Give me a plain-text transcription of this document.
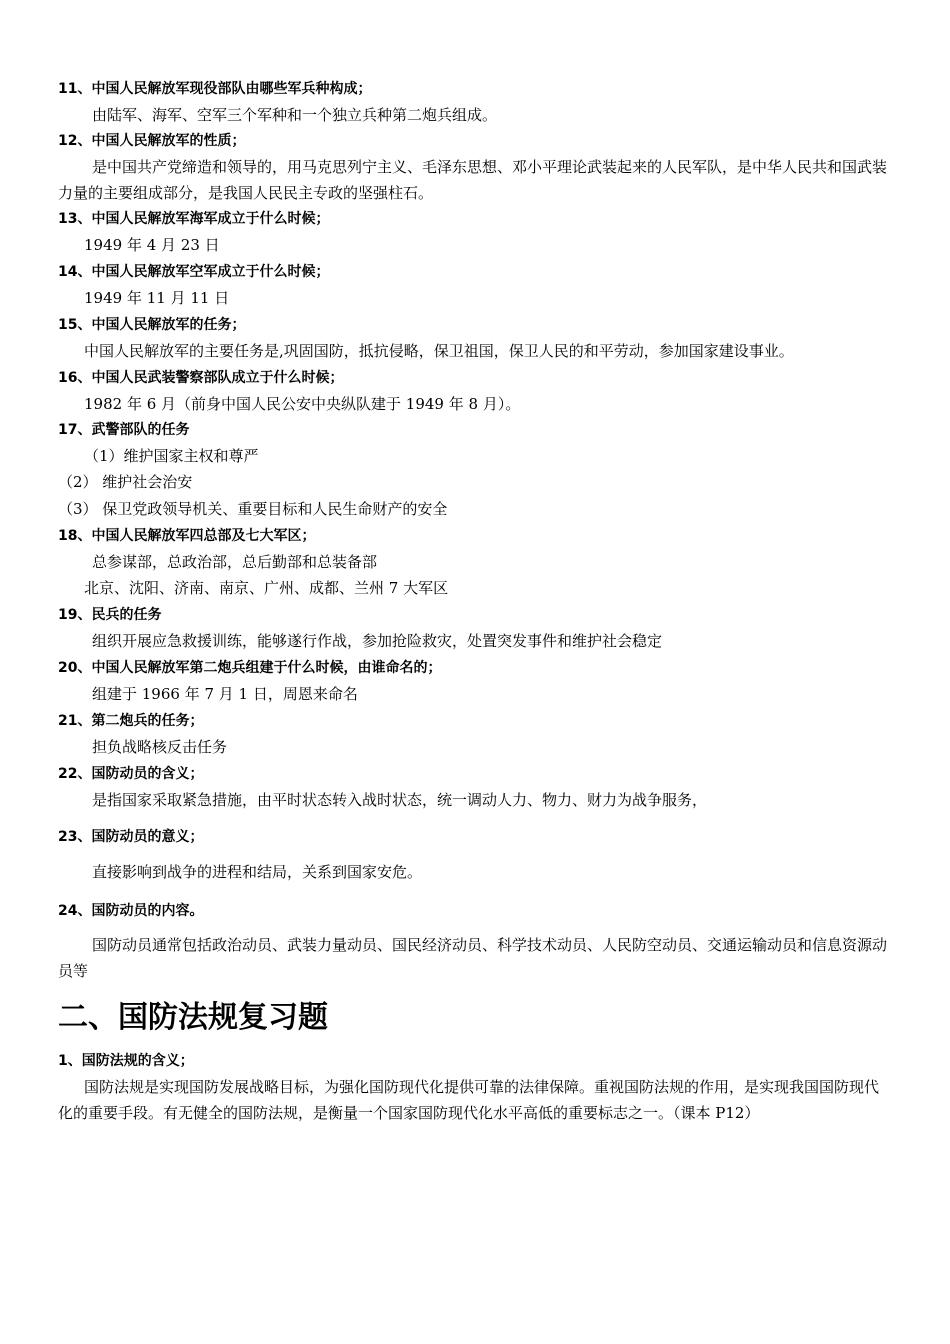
11、中国人民解放军现役部队由哪些军兵种构成；
由陆军、海军、空军三个军种和一个独立兵种第二炮兵组成。
12、中国人民解放军的性质；
是中国共产党缔造和领导的，用马克思列宁主义、毛泽东思想、邓小平理论武装起来的人民军队，是中华人民共和国武装力量的主要组成部分，是我国人民民主专政的坚强柱石。
13、中国人民解放军海军成立于什么时候；
1949 年 4 月 23 日
14、中国人民解放军空军成立于什么时候；
1949 年 11 月 11 日
15、中国人民解放军的任务；
中国人民解放军的主要任务是,巩固国防，抵抗侵略，保卫祖国，保卫人民的和平劳动，参加国家建设事业。
16、中国人民武装警察部队成立于什么时候；
1982 年 6 月（前身中国人民公安中央纵队建于 1949 年 8 月）。
17、武警部队的任务
（1）维护国家主权和尊严
（2） 维护社会治安
（3） 保卫党政领导机关、重要目标和人民生命财产的安全
18、中国人民解放军四总部及七大军区；
总参谋部，总政治部，总后勤部和总装备部
北京、沈阳、济南、南京、广州、成都、兰州 7 大军区
19、民兵的任务
组织开展应急救援训练，能够遂行作战，参加抢险救灾，处置突发事件和维护社会稳定
20、中国人民解放军第二炮兵组建于什么时候，由谁命名的；
组建于 1966 年 7 月 1 日，周恩来命名
21、第二炮兵的任务；
担负战略核反击任务
22、国防动员的含义；
是指国家采取紧急措施，由平时状态转入战时状态，统一调动人力、物力、财力为战争服务，
23、国防动员的意义；
直接影响到战争的进程和结局，关系到国家安危。
24、国防动员的内容。
国防动员通常包括政治动员、武装力量动员、国民经济动员、科学技术动员、人民防空动员、交通运输动员和信息资源动员等
二、国防法规复习题
1、国防法规的含义；
国防法规是实现国防发展战略目标，为强化国防现代化提供可靠的法律保障。重视国防法规的作用，是实现我国国防现代化的重要手段。有无健全的国防法规，是衡量一个国家国防现代化水平高低的重要标志之一。（课本 P12）
